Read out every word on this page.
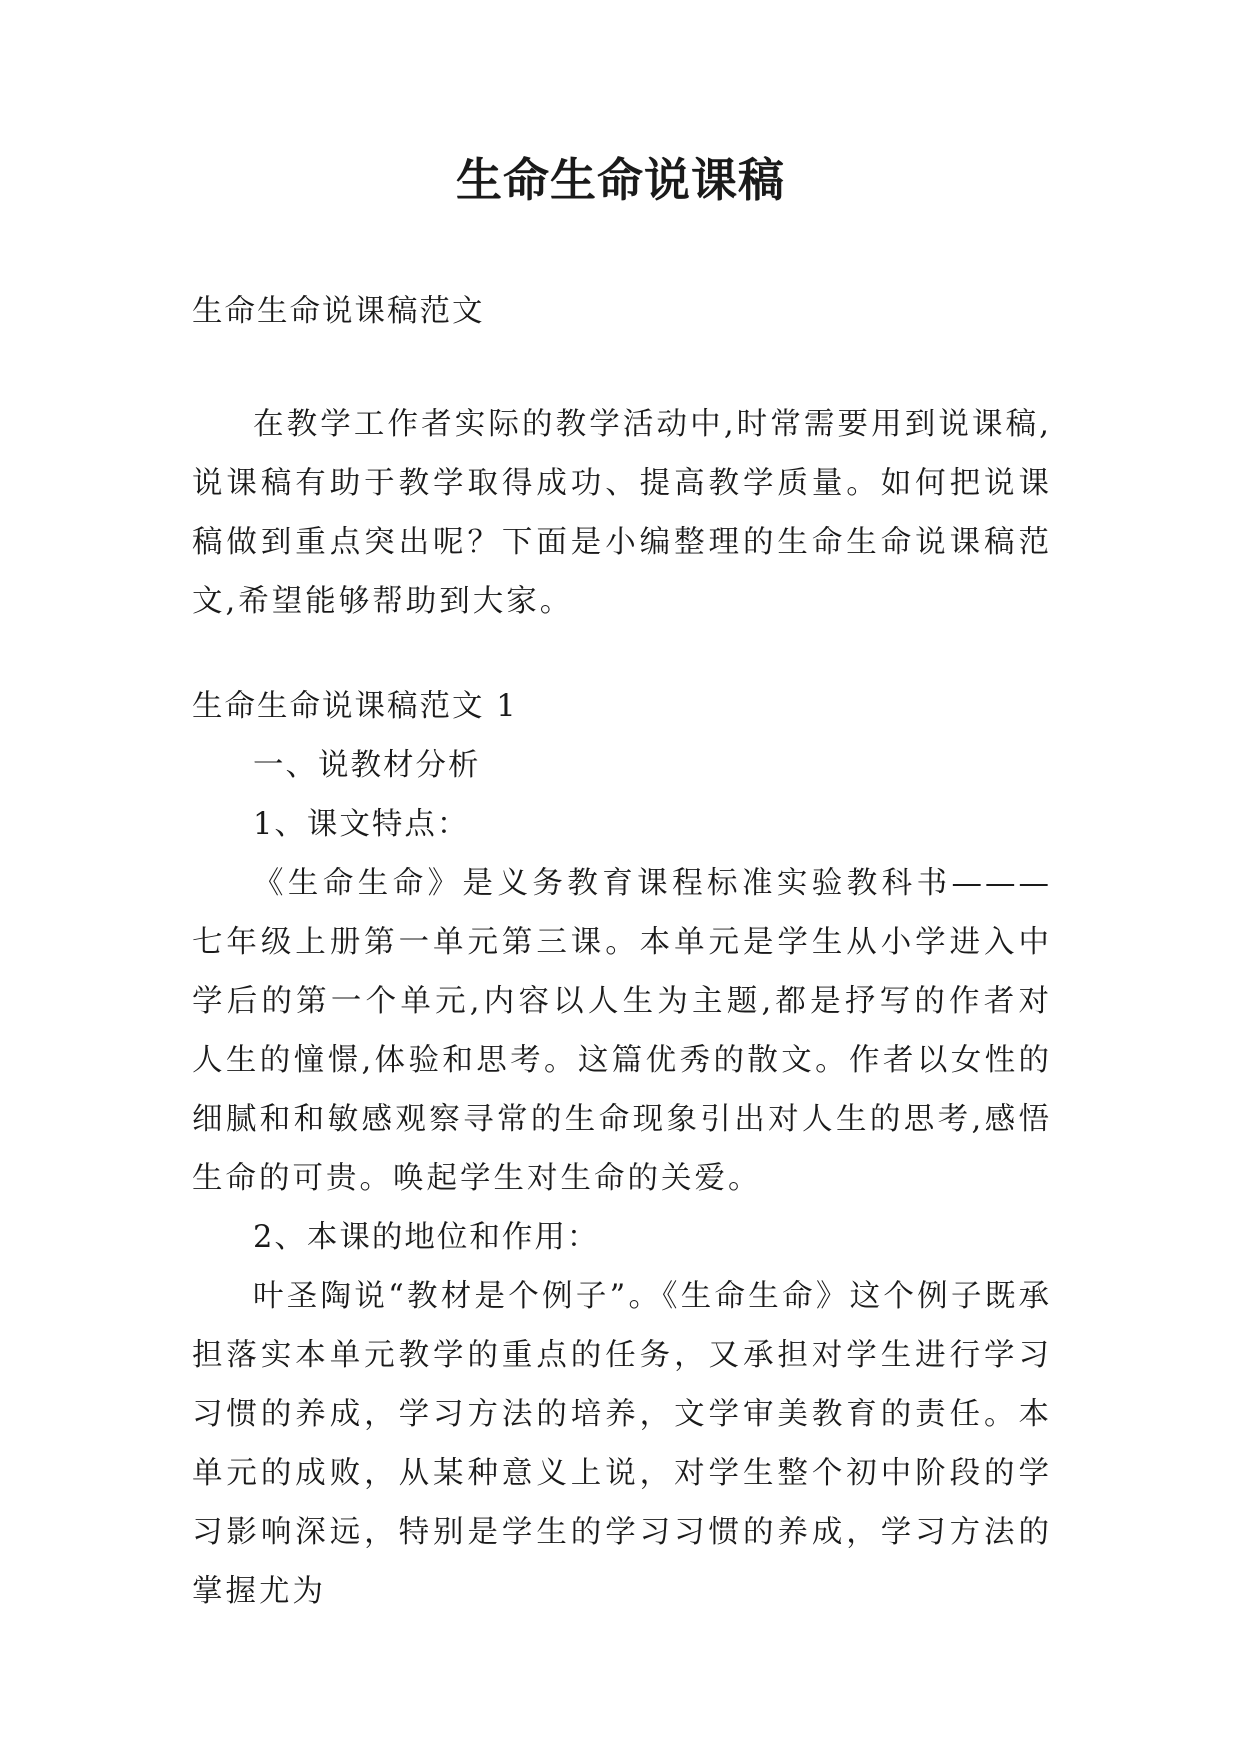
生命生命说课稿

生命生命说课稿范文

在教学工作者实际的教学活动中,时常需要用到说课稿,说课稿有助于教学取得成功、提高教学质量。如何把说课稿做到重点突出呢？下面是小编整理的生命生命说课稿范文,希望能够帮助到大家。

生命生命说课稿范文 1

一、说教材分析

1、课文特点：

《生命生命》是义务教育课程标准实验教科书———七年级上册第一单元第三课。本单元是学生从小学进入中学后的第一个单元,内容以人生为主题,都是抒写的作者对人生的憧憬,体验和思考。这篇优秀的散文。作者以女性的细腻和和敏感观察寻常的生命现象引出对人生的思考,感悟生命的可贵。唤起学生对生命的关爱。

2、本课的地位和作用：

叶圣陶说“教材是个例子”。《生命生命》这个例子既承担落实本单元教学的重点的任务，又承担对学生进行学习习惯的养成，学习方法的培养，文学审美教育的责任。本单元的成败，从某种意义上说，对学生整个初中阶段的学习影响深远，特别是学生的学习习惯的养成，学习方法的掌握尤为
